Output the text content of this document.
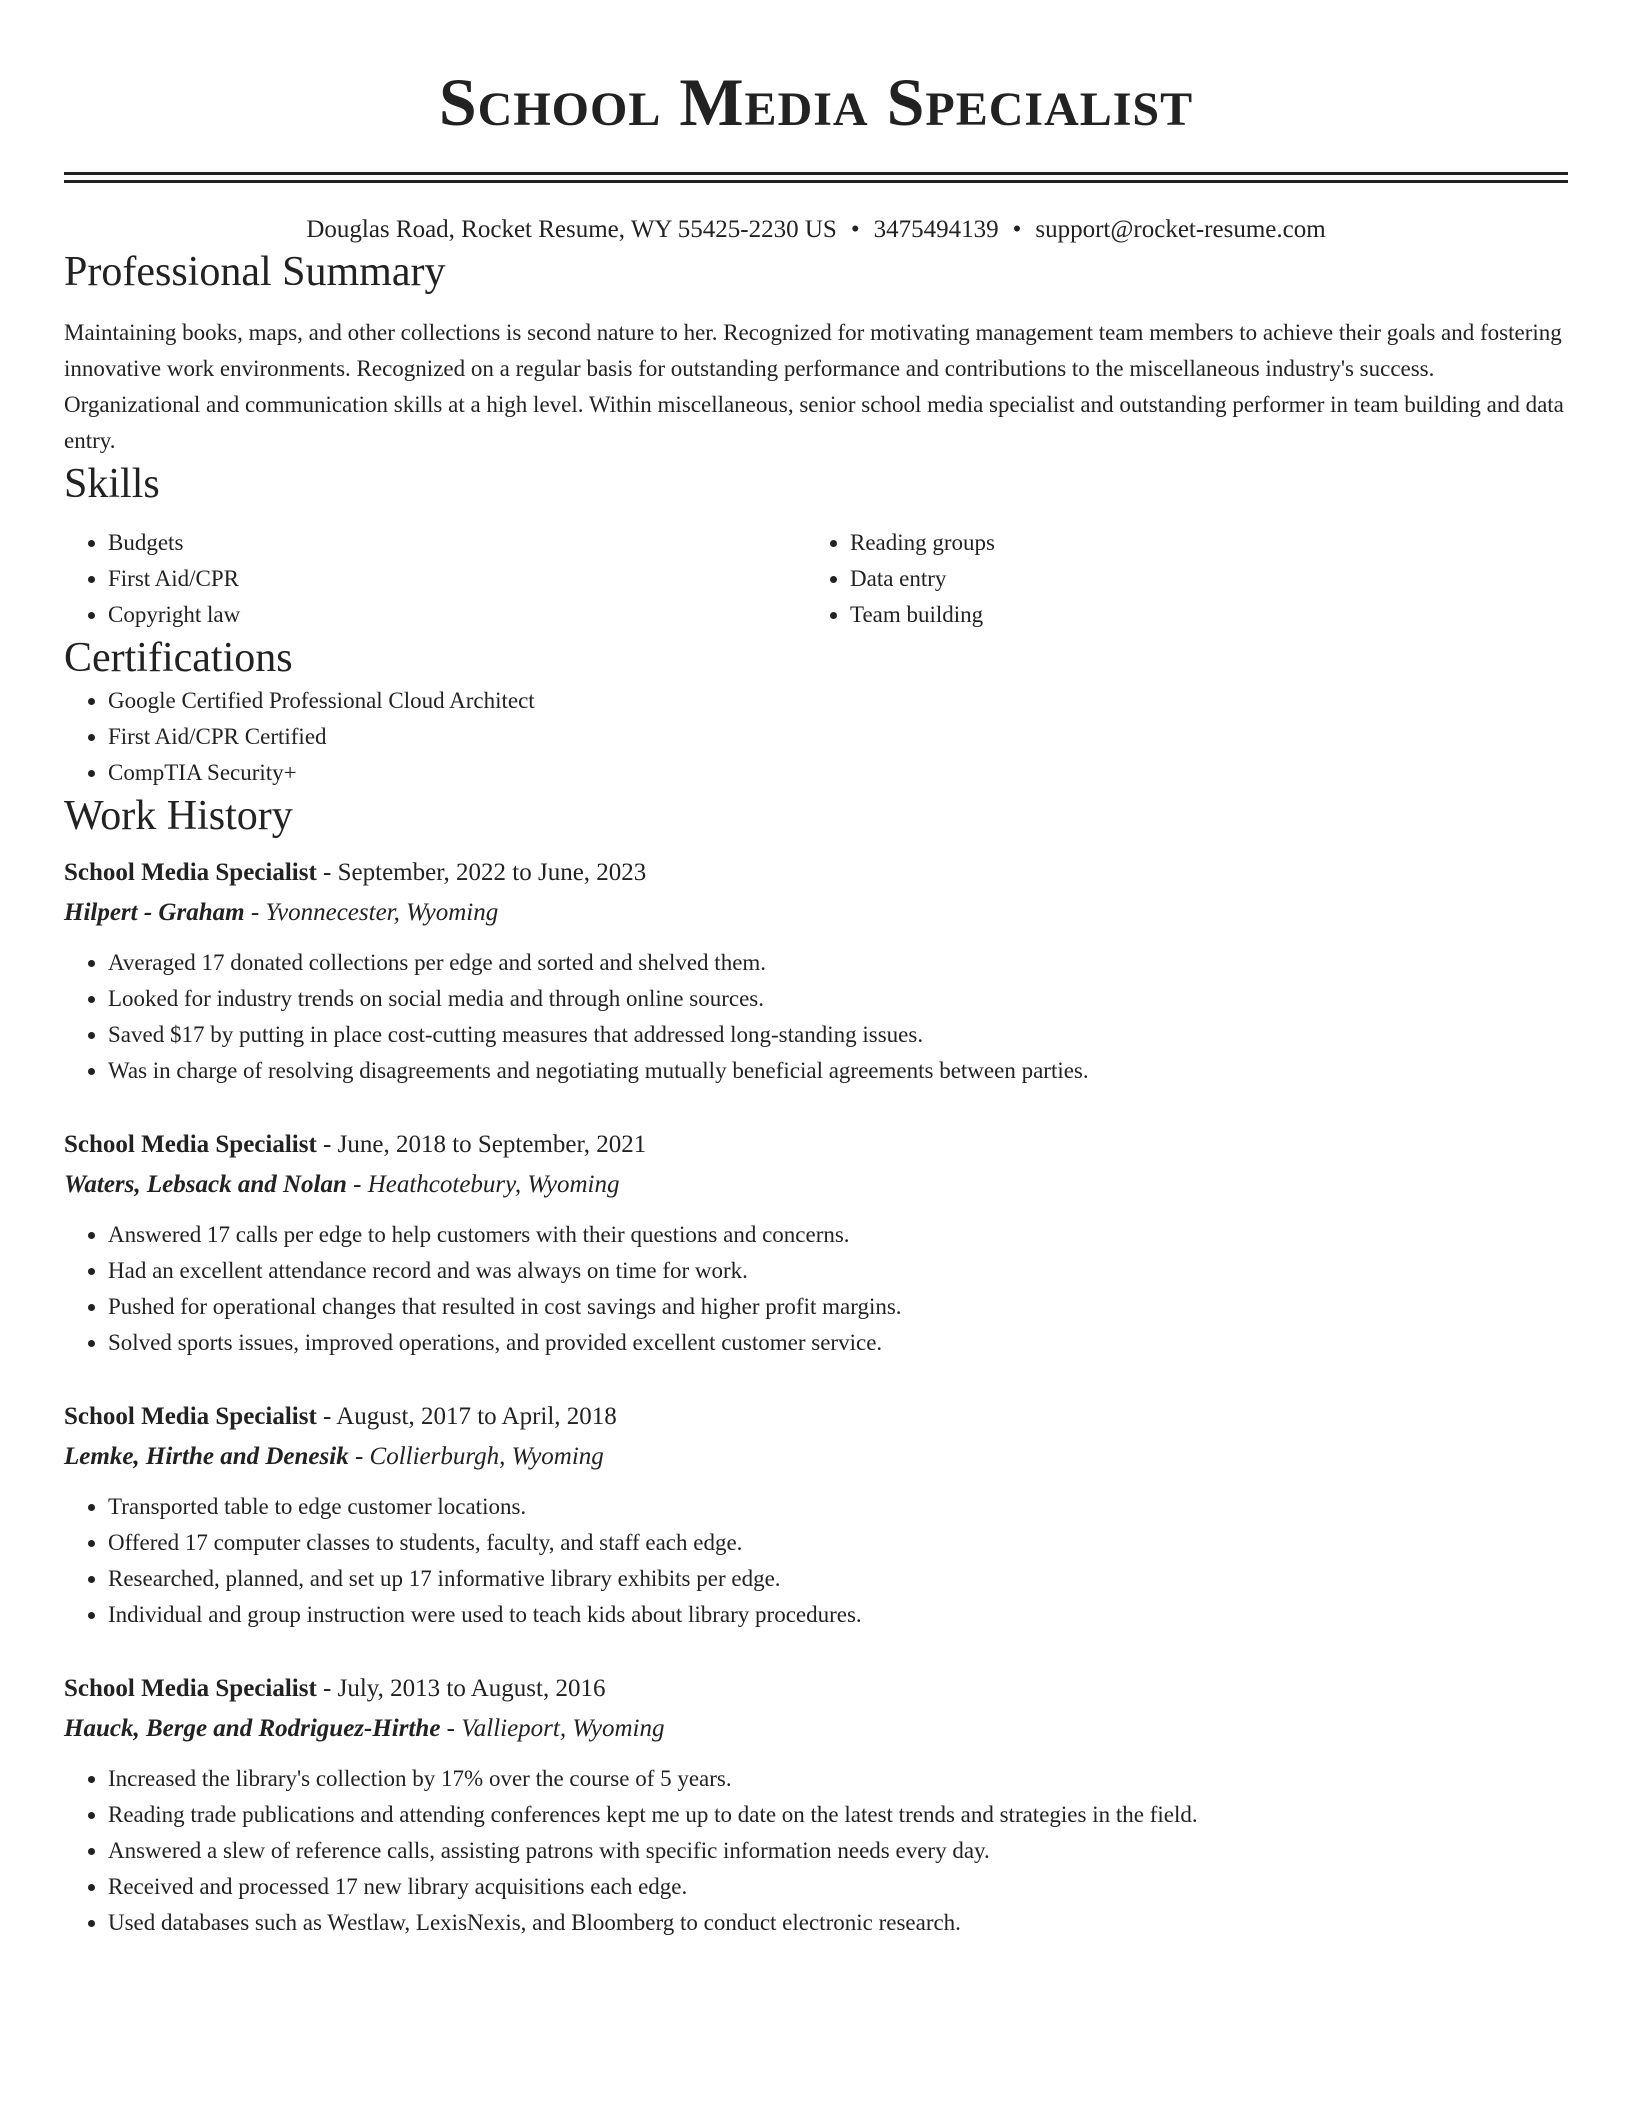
School Media Specialist
Douglas Road, Rocket Resume, WY 55425-2230 US • 3475494139 • support@rocket-resume.com
Professional Summary

Maintaining books, maps, and other collections is second nature to her. Recognized for motivating management team members to achieve their goals and fostering innovative work environments. Recognized on a regular basis for outstanding performance and contributions to the miscellaneous industry's success. Organizational and communication skills at a high level. Within miscellaneous, senior school media specialist and outstanding performer in team building and data entry.

Skills
• Budgets
• First Aid/CPR
• Copyright law
• Reading groups
• Data entry
• Team building
Certifications
• Google Certified Professional Cloud Architect
• First Aid/CPR Certified
• CompTIA Security+
Work History
School Media Specialist - September, 2022 to June, 2023
Hilpert - Graham - Yvonnecester, Wyoming
• Averaged 17 donated collections per edge and sorted and shelved them.
• Looked for industry trends on social media and through online sources.
• Saved $17 by putting in place cost-cutting measures that addressed long-standing issues.
• Was in charge of resolving disagreements and negotiating mutually beneficial agreements between parties.
School Media Specialist - June, 2018 to September, 2021
Waters, Lebsack and Nolan - Heathcotebury, Wyoming
• Answered 17 calls per edge to help customers with their questions and concerns.
• Had an excellent attendance record and was always on time for work.
• Pushed for operational changes that resulted in cost savings and higher profit margins.
• Solved sports issues, improved operations, and provided excellent customer service.
School Media Specialist - August, 2017 to April, 2018
Lemke, Hirthe and Denesik - Collierburgh, Wyoming
• Transported table to edge customer locations.
• Offered 17 computer classes to students, faculty, and staff each edge.
• Researched, planned, and set up 17 informative library exhibits per edge.
• Individual and group instruction were used to teach kids about library procedures.
School Media Specialist - July, 2013 to August, 2016
Hauck, Berge and Rodriguez-Hirthe - Vallieport, Wyoming
• Increased the library's collection by 17% over the course of 5 years.
• Reading trade publications and attending conferences kept me up to date on the latest trends and strategies in the field.
• Answered a slew of reference calls, assisting patrons with specific information needs every day.
• Received and processed 17 new library acquisitions each edge.
• Used databases such as Westlaw, LexisNexis, and Bloomberg to conduct electronic research.
